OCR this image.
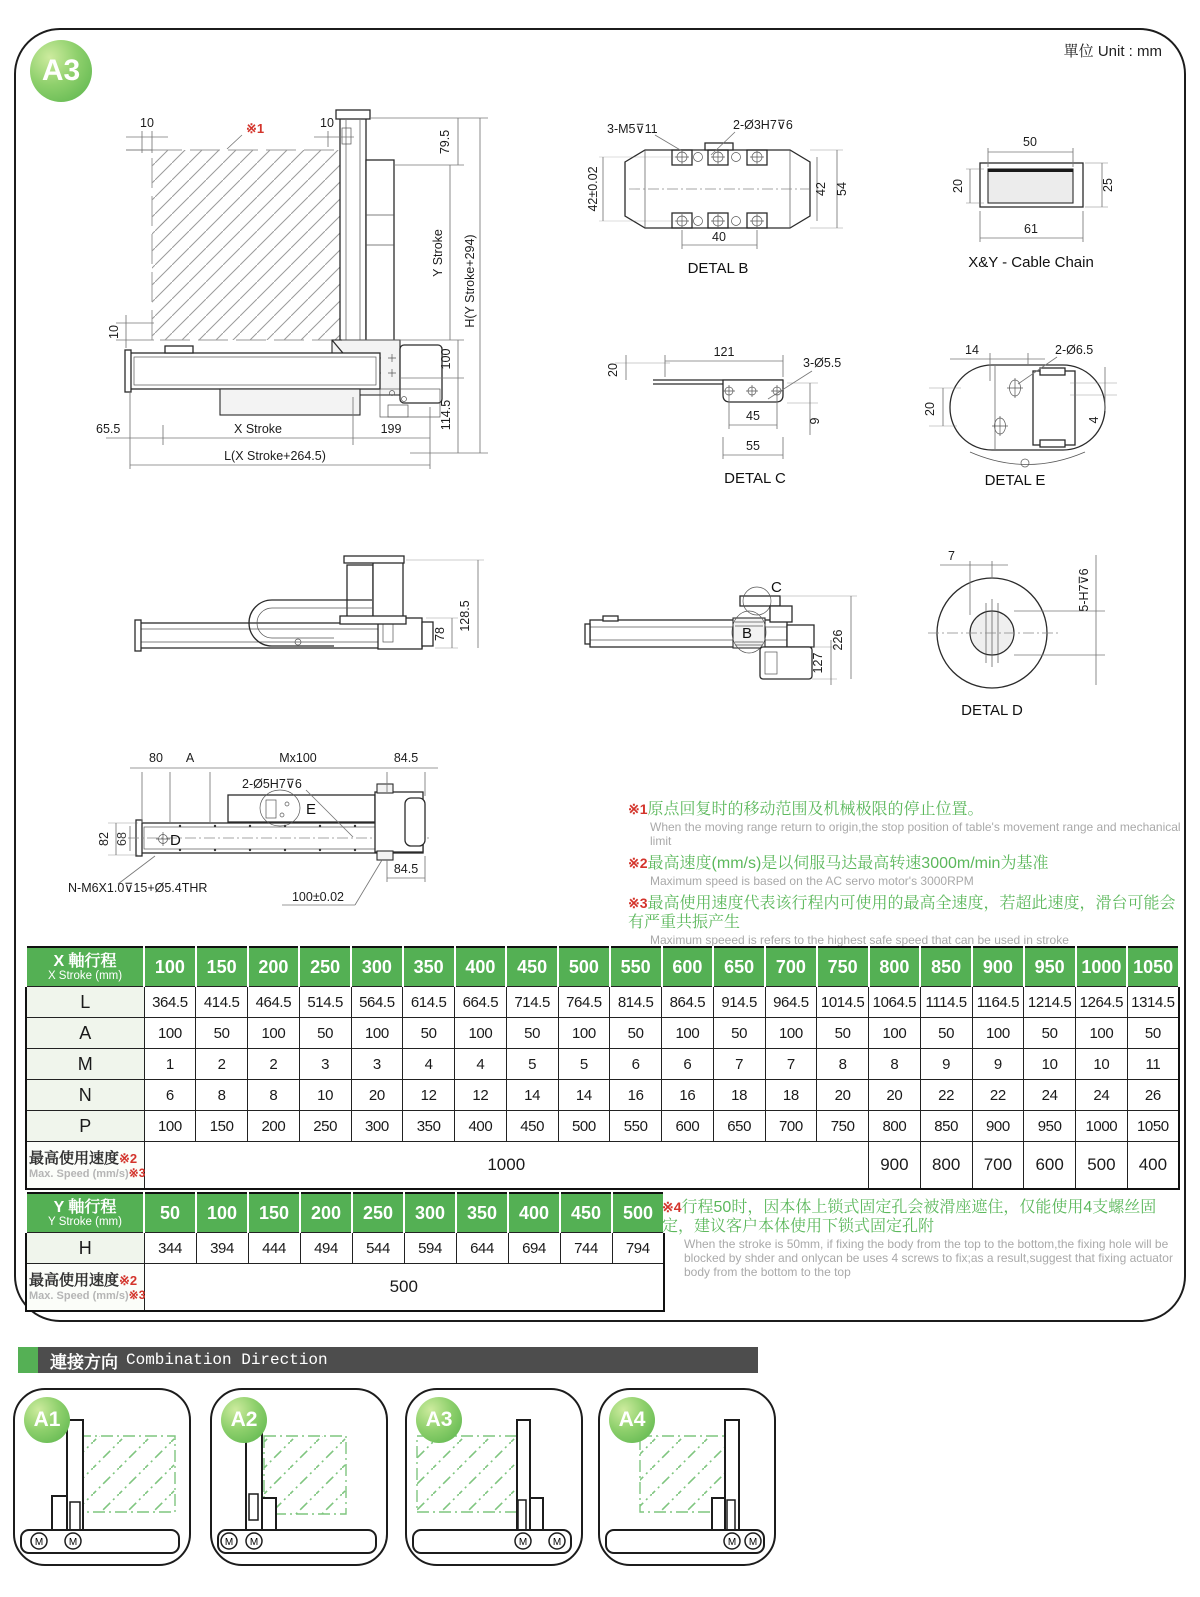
A3
單位 Unit : mm
10	※1	10
79.5
Y Stroke H(Y Stroke+294)
100
114.5
10
65.5	X Stroke	199
L(X Stroke+264.5)
3-M5⊽11	2-Ø3H7⊽6
42±0.02	42 54
40
DETAL B
50
20	25
61
X&Y - Cable Chain
20
121
3-Ø5.5
45
55
9
DETAL C
14	2-Ø6.5
20
4
DETAL E
78
128.5
B
C
127
226
7
5-H7⊽6
DETAL D
D
E
80 A	Mx100	84.5
2-Ø5H7⊽6
82 68
N-M6X1.0⊽15+Ø5.4THR
100±0.02
84.5
※1原点回复时的移动范围及机械极限的停止位置。
When the moving range return to origin,the stop position of table's movement range and mechanical limit
※2最高速度(mm/s)是以伺服马达最高转速3000m/min为基准
Maximum speed is based on the AC servo motor's 3000RPM
※3最高使用速度代表该行程内可使用的最高全速度，若超此速度，滑台可能会有严重共振产生
Maximum speeed is refers to the highest safe speed that can be used in stroke
X 軸行程
X Stroke (mm)	100	150	200	250	300	350	400	450	500	550	600	650	700	750	800	850	900	950	1000	1050
L	364.5	414.5	464.5	514.5	564.5	614.5	664.5	714.5	764.5	814.5	864.5	914.5	964.5	1014.5	1064.5	1114.5	1164.5	1214.5	1264.5	1314.5
A	100	50	100	50	100	50	100	50	100	50	100	50	100	50	100	50	100	50	100	50
M	1	2	2	3	3	4	4	5	5	6	6	7	7	8	8	9	9	10	10	11
N	6	8	8	10	20	12	12	14	14	16	16	18	18	20	20	22	22	24	24	26
P	100	150	200	250	300	350	400	450	500	550	600	650	700	750	800	850	900	950	1000	1050

最高使用速度※2
Max. Speed (mm/s)※3	1000														900	800	700	600	500	400
Y 軸行程
Y Stroke (mm)	50	100	150	200	250	300	350	400	450	500
H	344	394	444	494	544	594	644	694	744	794

最高使用速度※2
Max. Speed (mm/s)※3	500									
※4行程50时，因本体上锁式固定孔会被滑座遮住，仅能使用4支螺丝固定，建议客户本体使用下锁式固定孔附
When the stroke is 50mm, if fixing the body from the top to the bottom,the fixing hole will be blocked by shder and onlycan be uses 4 screws to fix;as a result,suggest that fixing actuator body from the bottom to the top
連接方向 Combination Direction
M	M
A1
M M
A2
M	M
A3
M M
A4
